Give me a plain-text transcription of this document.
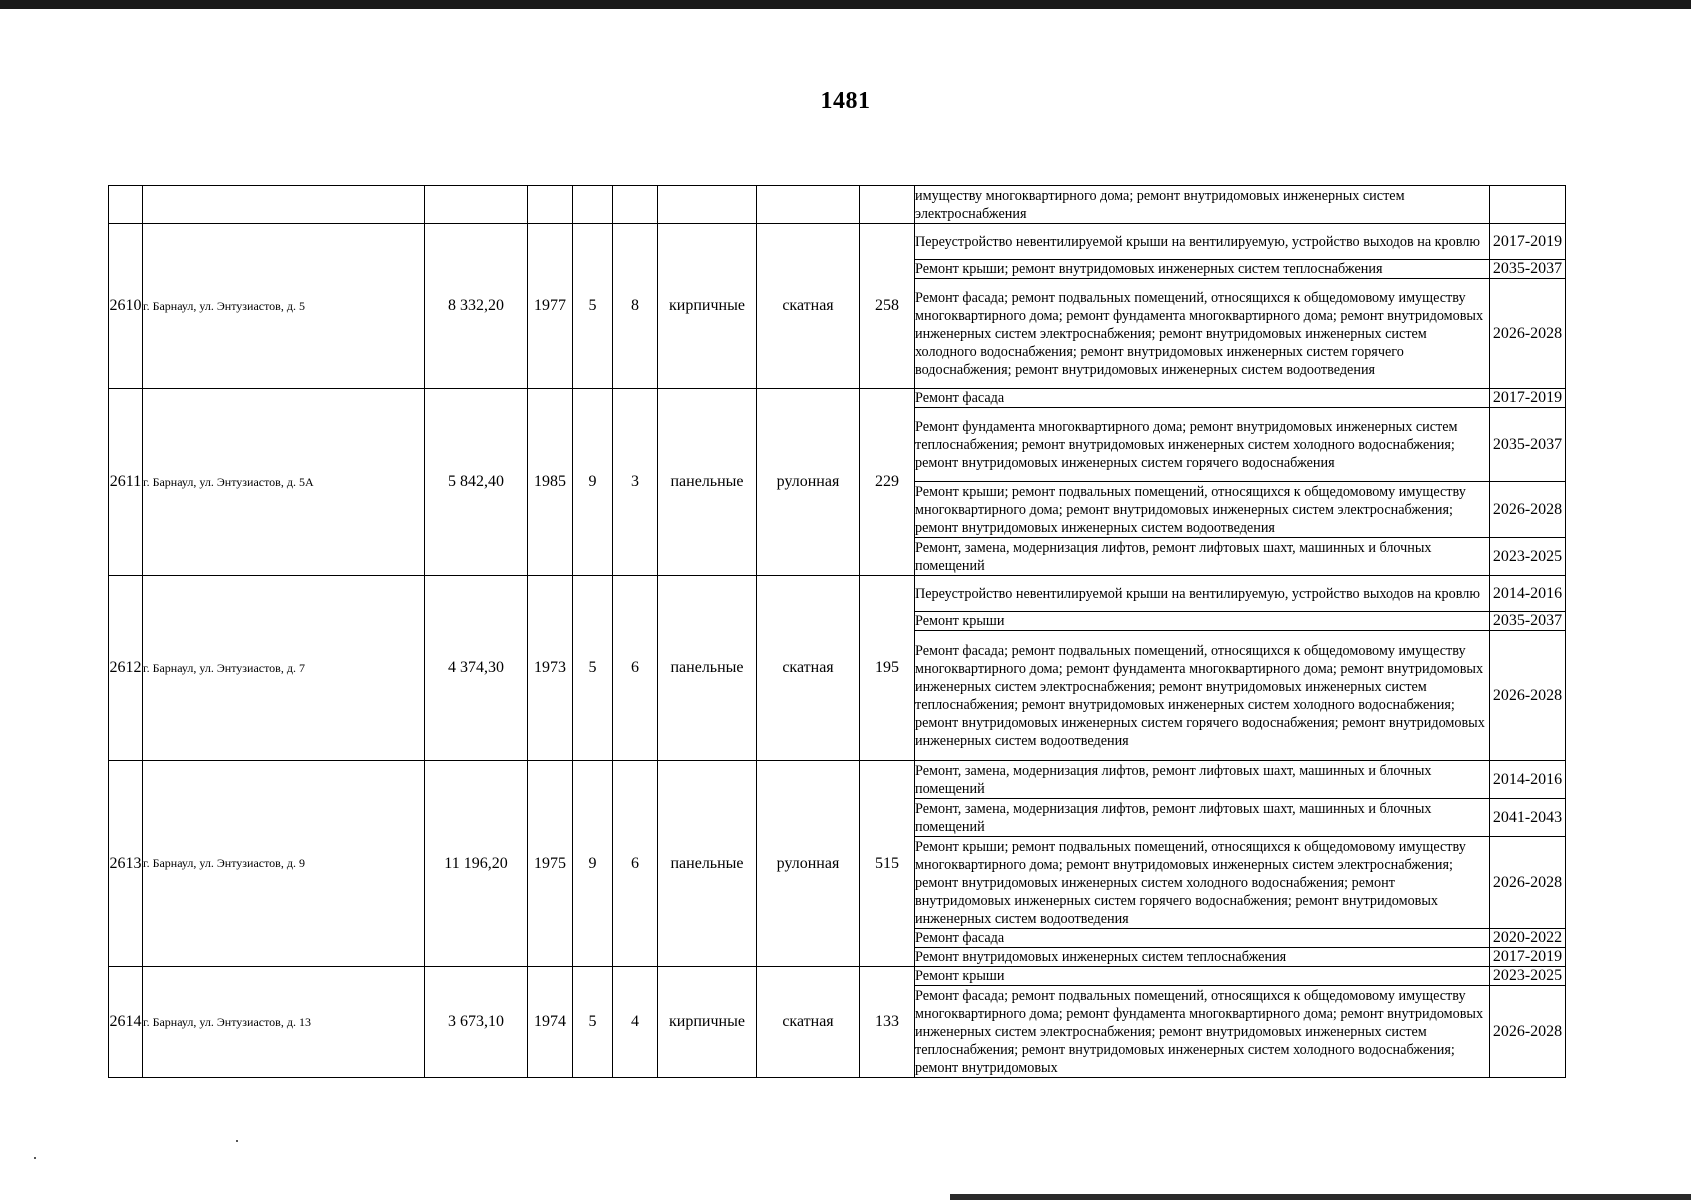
1481
									имуществу многоквартирного дома; ремонт внутридомовых инженерных систем электроснабжения	
2610	г. Барнаул, ул. Энтузиастов, д. 5	8 332,20	1977	5	8	кирпичные	скатная	258	Переустройство невентилируемой крыши на вентилируемую, устройство выходов на кровлю	2017-2019
									Ремонт крыши; ремонт внутридомовых инженерных систем теплоснабжения	2035-2037
									Ремонт фасада; ремонт подвальных помещений, относящихся к общедомовому имуществу многоквартирного дома; ремонт фундамента многоквартирного дома; ремонт внутридомовых инженерных систем электроснабжения; ремонт внутридомовых инженерных систем холодного водоснабжения; ремонт внутридомовых инженерных систем горячего водоснабжения; ремонт внутридомовых инженерных систем водоотведения	2026-2028
2611	г. Барнаул, ул. Энтузиастов, д. 5А	5 842,40	1985	9	3	панельные	рулонная	229	Ремонт фасада	2017-2019
									Ремонт фундамента многоквартирного дома; ремонт внутридомовых инженерных систем теплоснабжения; ремонт внутридомовых инженерных систем холодного водоснабжения; ремонт внутридомовых инженерных систем горячего водоснабжения	2035-2037
									Ремонт крыши; ремонт подвальных помещений, относящихся к общедомовому имуществу многоквартирного дома; ремонт внутридомовых инженерных систем электроснабжения; ремонт внутридомовых инженерных систем водоотведения	2026-2028
									Ремонт, замена, модернизация лифтов, ремонт лифтовых шахт, машинных и блочных помещений	2023-2025
2612	г. Барнаул, ул. Энтузиастов, д. 7	4 374,30	1973	5	6	панельные	скатная	195	Переустройство невентилируемой крыши на вентилируемую, устройство выходов на кровлю	2014-2016
									Ремонт крыши	2035-2037
									Ремонт фасада; ремонт подвальных помещений, относящихся к общедомовому имуществу многоквартирного дома; ремонт фундамента многоквартирного дома; ремонт внутридомовых инженерных систем электроснабжения; ремонт внутридомовых инженерных систем теплоснабжения; ремонт внутридомовых инженерных систем холодного водоснабжения; ремонт внутридомовых инженерных систем горячего водоснабжения; ремонт внутридомовых инженерных систем водоотведения	2026-2028
2613	г. Барнаул, ул. Энтузиастов, д. 9	11 196,20	1975	9	6	панельные	рулонная	515	Ремонт, замена, модернизация лифтов, ремонт лифтовых шахт, машинных и блочных помещений	2014-2016
									Ремонт, замена, модернизация лифтов, ремонт лифтовых шахт, машинных и блочных помещений	2041-2043
									Ремонт крыши; ремонт подвальных помещений, относящихся к общедомовому имуществу многоквартирного дома; ремонт внутридомовых инженерных систем электроснабжения; ремонт внутридомовых инженерных систем холодного водоснабжения; ремонт внутридомовых инженерных систем горячего водоснабжения; ремонт внутридомовых инженерных систем водоотведения	2026-2028
									Ремонт фасада	2020-2022
									Ремонт внутридомовых инженерных систем теплоснабжения	2017-2019
2614	г. Барнаул, ул. Энтузиастов, д. 13	3 673,10	1974	5	4	кирпичные	скатная	133	Ремонт крыши	2023-2025
									Ремонт фасада; ремонт подвальных помещений, относящихся к общедомовому имуществу многоквартирного дома; ремонт фундамента многоквартирного дома; ремонт внутридомовых инженерных систем электроснабжения; ремонт внутридомовых инженерных систем теплоснабжения; ремонт внутридомовых инженерных систем холодного водоснабжения; ремонт внутридомовых	2026-2028
